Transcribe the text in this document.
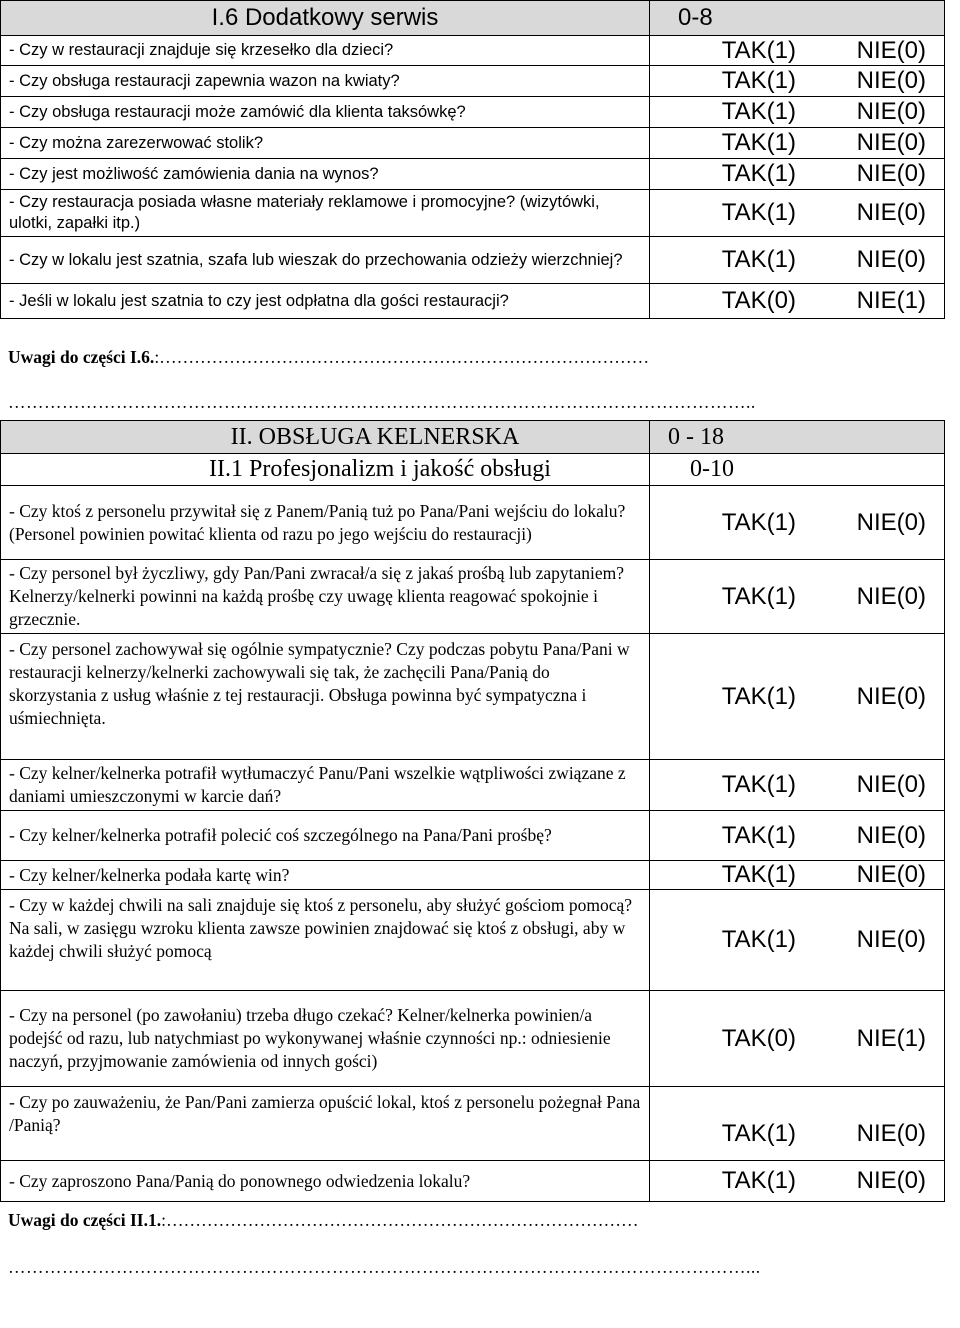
I.6 Dodatkowy serwis	0-8
- Czy w restauracji znajduje się krzesełko dla dzieci?	TAK(1) NIE(0)
- Czy obsługa restauracji zapewnia wazon na kwiaty?	TAK(1) NIE(0)
- Czy obsługa restauracji może zamówić dla klienta taksówkę?	TAK(1) NIE(0)
- Czy można zarezerwować stolik?	TAK(1) NIE(0)
- Czy jest możliwość zamówienia dania na wynos?	TAK(1) NIE(0)
- Czy restauracja posiada własne materiały reklamowe i promocyjne? (wizytówki, ulotki, zapałki itp.)	TAK(1) NIE(0)
- Czy w lokalu jest szatnia, szafa lub wieszak do przechowania odzieży wierzchniej?	TAK(1) NIE(0)
- Jeśli w lokalu jest szatnia to czy jest odpłatna dla gości restauracji?	TAK(0) NIE(1)
Uwagi do części I.6.:…………………………………………………………………………
……………………………………………………………………………………………………………..
II. OBSŁUGA KELNERSKA	0 - 18
II.1 Profesjonalizm i jakość obsługi	0-10
- Czy ktoś z personelu przywitał się z Panem/Panią tuż po Pana/Pani wejściu do lokalu? (Personel powinien powitać klienta od razu po jego wejściu do restauracji)	TAK(1) NIE(0)
- Czy personel był życzliwy, gdy Pan/Pani zwracał/a się z jakaś prośbą lub zapytaniem? Kelnerzy/kelnerki powinni na każdą prośbę czy uwagę klienta reagować spokojnie i grzecznie.	TAK(1) NIE(0)
- Czy personel zachowywał się ogólnie sympatycznie? Czy podczas pobytu Pana/Pani w restauracji kelnerzy/kelnerki zachowywali się tak, że zachęcili Pana/Panią do skorzystania z usług właśnie z tej restauracji. Obsługa powinna być sympatyczna i uśmiechnięta.	TAK(1) NIE(0)
- Czy kelner/kelnerka potrafił wytłumaczyć Panu/Pani wszelkie wątpliwości związane z daniami umieszczonymi w karcie dań?	TAK(1) NIE(0)
- Czy kelner/kelnerka potrafił polecić coś szczególnego na Pana/Pani prośbę?	TAK(1) NIE(0)
- Czy kelner/kelnerka podała kartę win?	TAK(1) NIE(0)
- Czy w każdej chwili na sali znajduje się ktoś z personelu, aby służyć gościom pomocą? Na sali, w zasięgu wzroku klienta zawsze powinien znajdować się ktoś z obsługi, aby w każdej chwili służyć pomocą	TAK(1) NIE(0)
- Czy na personel (po zawołaniu) trzeba długo czekać? Kelner/kelnerka powinien/a podejść od razu, lub natychmiast po wykonywanej właśnie czynności np.: odniesienie naczyń, przyjmowanie zamówienia od innych gości)	TAK(0) NIE(1)
- Czy po zauważeniu, że Pan/Pani zamierza opuścić lokal, ktoś z personelu pożegnał Pana /Panią?	TAK(1) NIE(0)
- Czy zaproszono Pana/Panią do ponownego odwiedzenia lokalu?	TAK(1) NIE(0)
Uwagi do części II.1.:………………………………………………………………………
……………………………………………………………………………………………………………...
